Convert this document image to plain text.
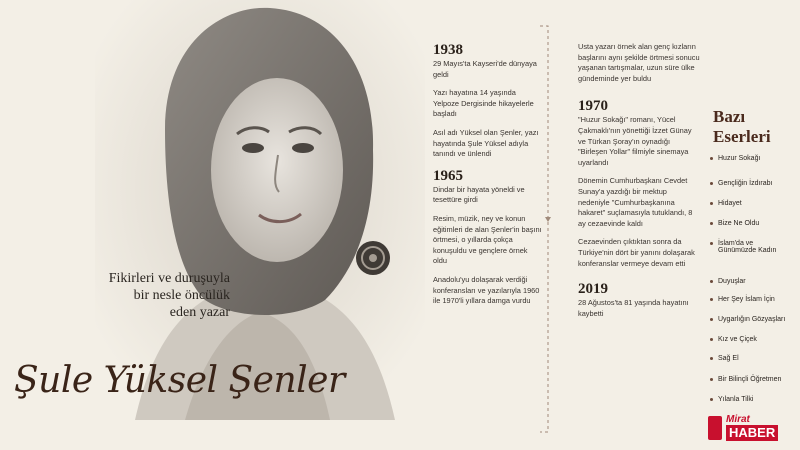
Fikirleri ve duruşuyla
bir nesle öncülük
eden yazar
Şule Yüksel Şenler
1938

29 Mayıs'ta Kayseri'de dünyaya geldi

Yazı hayatına 14 yaşında Yelpoze Dergisinde hikayelerle başladı

Asıl adı Yüksel olan Şenler, yazı hayatında Şule Yüksel adıyla tanındı ve ünlendi

1965

Dindar bir hayata yöneldi ve tesettüre girdi

Resim, müzik, ney ve konun eğitimleri de alan Şenler'in başını örtmesi, o yıllarda çokça konuşuldu ve gençlere örnek oldu

Anadolu'yu dolaşarak verdiği konferansları ve yazılarıyla 1960 ile 1970'li yıllara damga vurdu

Usta yazarı örnek alan genç kızların başlarını aynı şekilde örtmesi sonucu yaşanan tartışmalar, uzun süre ülke gündeminde yer buldu

1970

"Huzur Sokağı" romanı, Yücel Çakmaklı'nın yönettiği İzzet Günay ve Türkan Şoray'ın oynadığı "Birleşen Yollar" filmiyle sinemaya uyarlandı

Dönemin Cumhurbaşkanı Cevdet Sunay'a yazdığı bir mektup nedeniyle "Cumhurbaşkanına hakaret" suçlamasıyla tutuklandı, 8 ay cezaevinde kaldı

Cezaevinden çıktıktan sonra da Türkiye'nin dört bir yanını dolaşarak konferanslar vermeye devam etti

2019

28 Ağustos'ta 81 yaşında hayatını kaybetti

Bazı
Eserleri
Huzur Sokağı
Gençliğin İzdırabı
Hidayet
Bize Ne Oldu
İslam'da ve
Günümüzde Kadın
Duyuşlar
Her Şey İslam İçin
Uygarlığın Gözyaşları
Kız ve Çiçek
Sağ El
Bir Bilinçli Öğretmen
Yılanla Tilki
Mirat
HABER
